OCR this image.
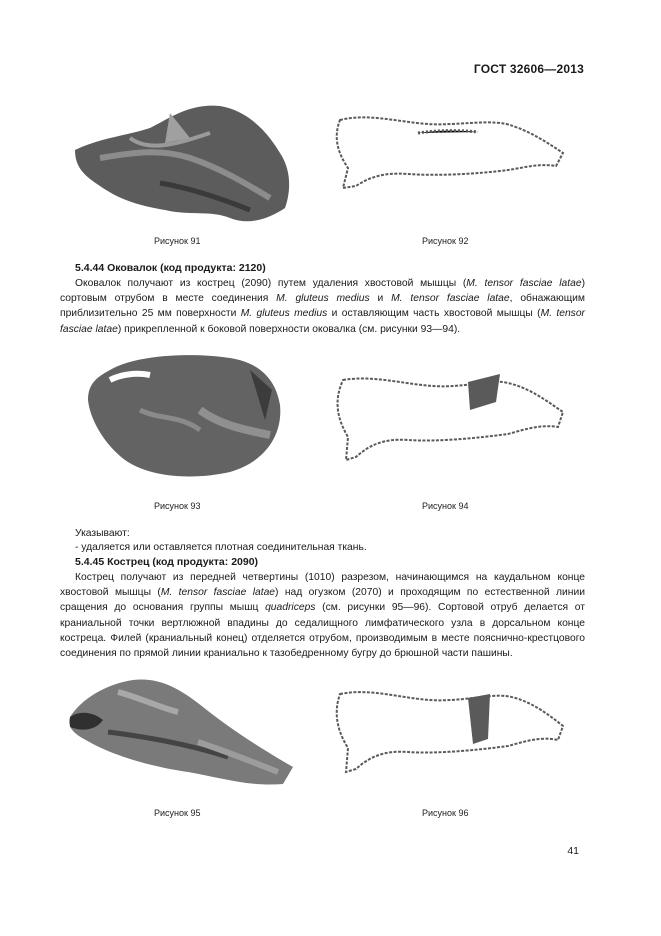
ГОСТ 32606—2013
Рисунок 91	Рисунок 92
5.4.44 Оковалок (код продукта: 2120)
Оковалок получают из кострец (2090) путем удаления хвостовой мышцы (M. tensor fasciae latae) сортовым отрубом в месте соединения M. gluteus medius и M. tensor fasciae latae, обнажающим приблизительно 25 мм поверхности M. gluteus medius и оставляющим часть хвостовой мышцы (M. tensor fasciae latae) прикрепленной к боковой поверхности оковалка (см. рисунки 93—94).
Рисунок 93	Рисунок 94
Указывают:
- удаляется или оставляется плотная соединительная ткань.
5.4.45 Кострец (код продукта: 2090)
Кострец получают из передней четвертины (1010) разрезом, начинающимся на каудальном конце хвостовой мышцы (M. tensor fasciae latae) над огузком (2070) и проходящим по естественной линии сращения до основания группы мышц quadriceps (см. рисунки 95—96). Сортовой отруб делается от краниальной точки вертлюжной впадины до седалищного лимфатического узла в дорсальном конце кострeца. Филей (краниальный конец) отделяется отрубом, производимым в месте пояснично-крестцового соединения по прямой линии краниально к тазобедренному бугру до брюшной части пашины.
Рисунок 95	Рисунок 96
41
